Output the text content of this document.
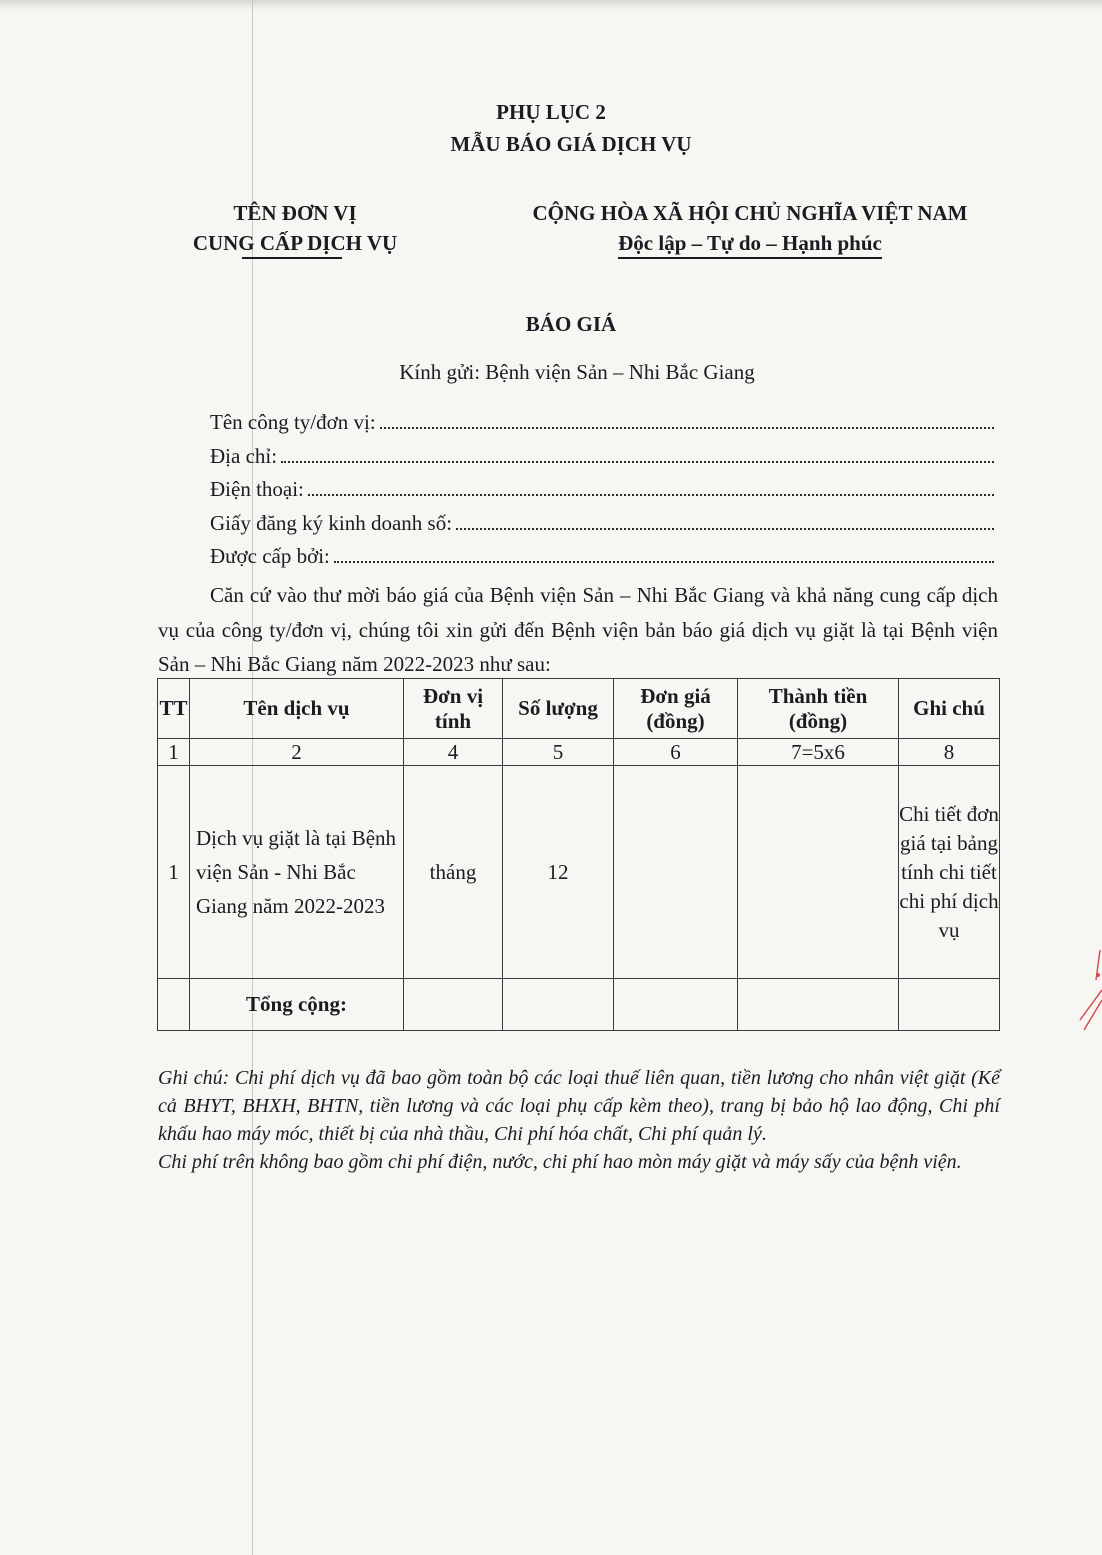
PHỤ LỤC 2
MẪU BÁO GIÁ DỊCH VỤ
TÊN ĐƠN VỊ
CUNG CẤP DỊCH VỤ
CỘNG HÒA XÃ HỘI CHỦ NGHĨA VIỆT NAM
Độc lập – Tự do – Hạnh phúc
BÁO GIÁ
Kính gửi: Bệnh viện Sản – Nhi Bắc Giang
Tên công ty/đơn vị:
Địa chỉ:
Điện thoại:
Giấy đăng ký kinh doanh số:
Được cấp bởi:
Căn cứ vào thư mời báo giá của Bệnh viện Sản – Nhi Bắc Giang và khả năng cung cấp dịch vụ của công ty/đơn vị, chúng tôi xin gửi đến Bệnh viện bản báo giá dịch vụ giặt là tại Bệnh viện Sản – Nhi Bắc Giang năm 2022-2023 như sau:
TT	Tên dịch vụ	Đơn vị tính	Số lượng	Đơn giá (đồng)	Thành tiền (đồng)	Ghi chú
1	2	4	5	6	7=5x6	8
1	Dịch vụ giặt là tại Bệnh viện Sản - Nhi Bắc Giang năm 2022-2023	tháng	12			Chi tiết đơn giá tại bảng tính chi tiết chi phí dịch vụ
	Tổng cộng:					

Ghi chú: Chi phí dịch vụ đã bao gồm toàn bộ các loại thuế liên quan, tiền lương cho nhân việt giặt (Kể cả BHYT, BHXH, BHTN, tiền lương và các loại phụ cấp kèm theo), trang bị bảo hộ lao động, Chi phí khấu hao máy móc, thiết bị của nhà thầu, Chi phí hóa chất, Chi phí quản lý.

Chi phí trên không bao gồm chi phí điện, nước, chi phí hao mòn máy giặt và máy sấy của bệnh viện.
